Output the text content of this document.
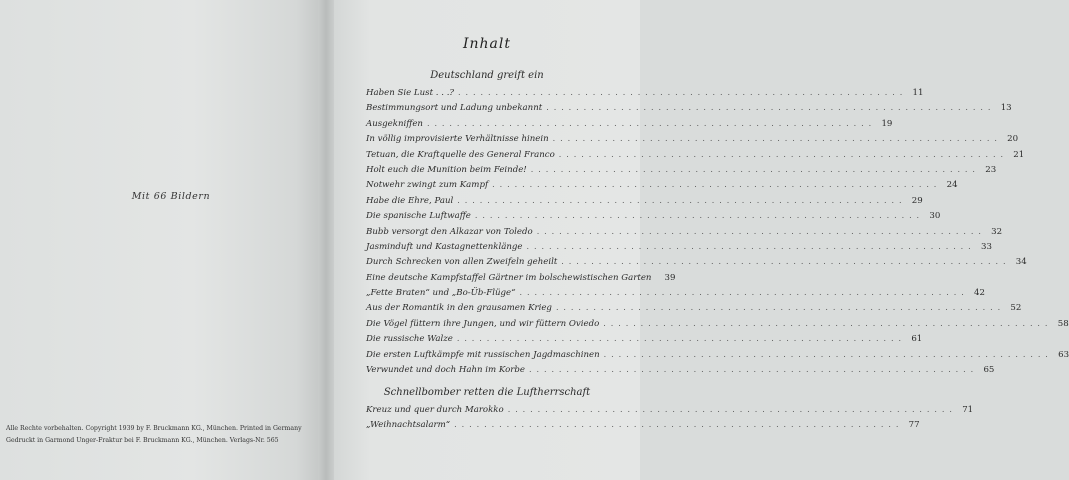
Mit 66 Bildern
Alle Rechte vorbehalten. Copyright 1939 by F. Bruckmann KG., München. Printed in Germany
Gedruckt in Garmond Unger-Fraktur bei F. Bruckmann KG., München. Verlags-Nr. 565
Inhalt
Deutschland greift ein
Haben Sie Lust . . .? . . .	11
Bestimmungsort und Ladung unbekannt . . .	13
Ausgekniffen . . .	19
In völlig improvisierte Verhältnisse hinein . . .	20
Tetuan, die Kraftquelle des General Franco . . .	21
Holt euch die Munition beim Feinde! . . .	23
Notwehr zwingt zum Kampf . . .	24
Habe die Ehre, Paul . . .	29
Die spanische Luftwaffe . . .	30
Bubb versorgt den Alkazar von Toledo . . .	32
Jasminduft und Kastagnettenklänge . . .	33
Durch Schrecken von allen Zweifeln geheilt . . .	34
Eine deutsche Kampfstaffel Gärtner im bolschewistischen Garten	39
„Fette Braten“ und „Bo-Üb-Flüge“ . . .	42
Aus der Romantik in den grausamen Krieg . . .	52
Die Vögel füttern ihre Jungen, und wir füttern Oviedo . . .	58
Die russische Walze . . .	61
Die ersten Luftkämpfe mit russischen Jagdmaschinen . . .	63
Verwundet und doch Hahn im Korbe . . .	65
Schnellbomber retten die Luftherrschaft
Kreuz und quer durch Marokko . . .	71
„Weihnachtsalarm“ . . .	77
